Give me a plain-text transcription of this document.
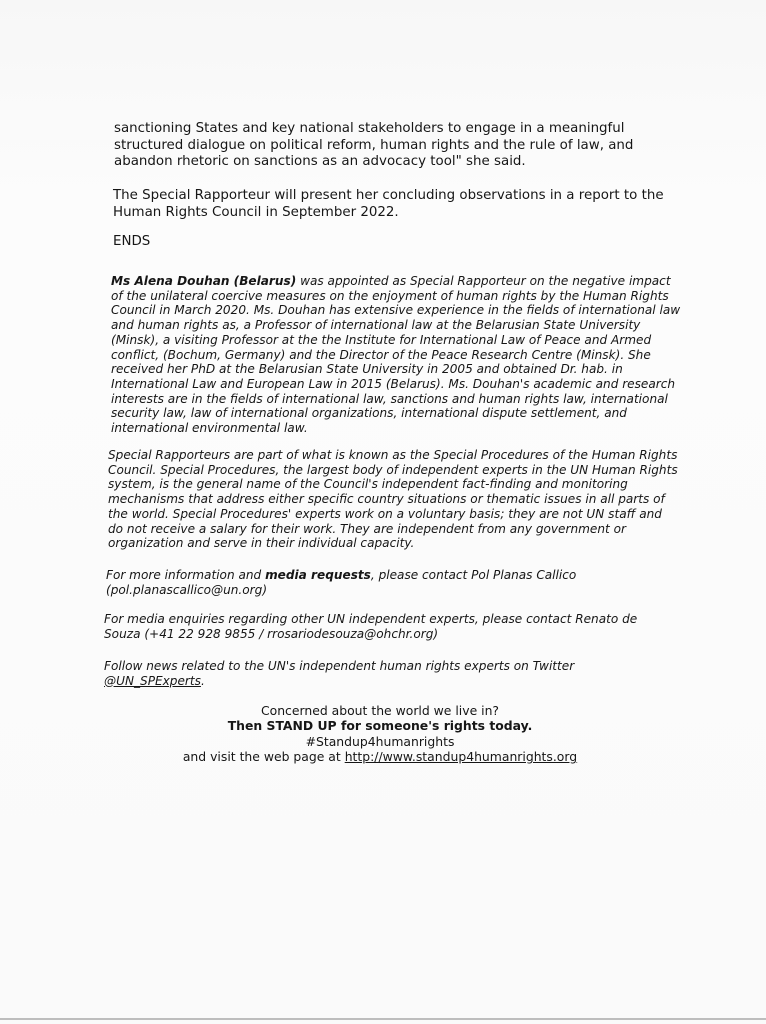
sanctioning States and key national stakeholders to engage in a meaningful structured dialogue on political reform, human rights and the rule of law, and abandon rhetoric on sanctions as an advocacy tool" she said.

The Special Rapporteur will present her concluding observations in a report to the Human Rights Council in September 2022.

ENDS

Ms Alena Douhan (Belarus) was appointed as Special Rapporteur on the negative impact of the unilateral coercive measures on the enjoyment of human rights by the Human Rights Council in March 2020. Ms. Douhan has extensive experience in the fields of international law and human rights as, a Professor of international law at the Belarusian State University (Minsk), a visiting Professor at the the Institute for International Law of Peace and Armed conflict, (Bochum, Germany) and the Director of the Peace Research Centre (Minsk). She received her PhD at the Belarusian State University in 2005 and obtained Dr. hab. in International Law and European Law in 2015 (Belarus). Ms. Douhan's academic and research interests are in the fields of international law, sanctions and human rights law, international security law, law of international organizations, international dispute settlement, and international environmental law.

Special Rapporteurs are part of what is known as the Special Procedures of the Human Rights Council. Special Procedures, the largest body of independent experts in the UN Human Rights system, is the general name of the Council's independent fact-finding and monitoring mechanisms that address either specific country situations or thematic issues in all parts of the world. Special Procedures' experts work on a voluntary basis; they are not UN staff and do not receive a salary for their work. They are independent from any government or organization and serve in their individual capacity.

For more information and media requests, please contact Pol Planas Callico (pol.planascallico@un.org)

For media enquiries regarding other UN independent experts, please contact Renato de Souza (+41 22 928 9855 / rrosariodesouza@ohchr.org)

Follow news related to the UN's independent human rights experts on Twitter @UN_SPExperts.

Concerned about the world we live in?
Then STAND UP for someone's rights today.
#Standup4humanrights
and visit the web page at http://www.standup4humanrights.org
